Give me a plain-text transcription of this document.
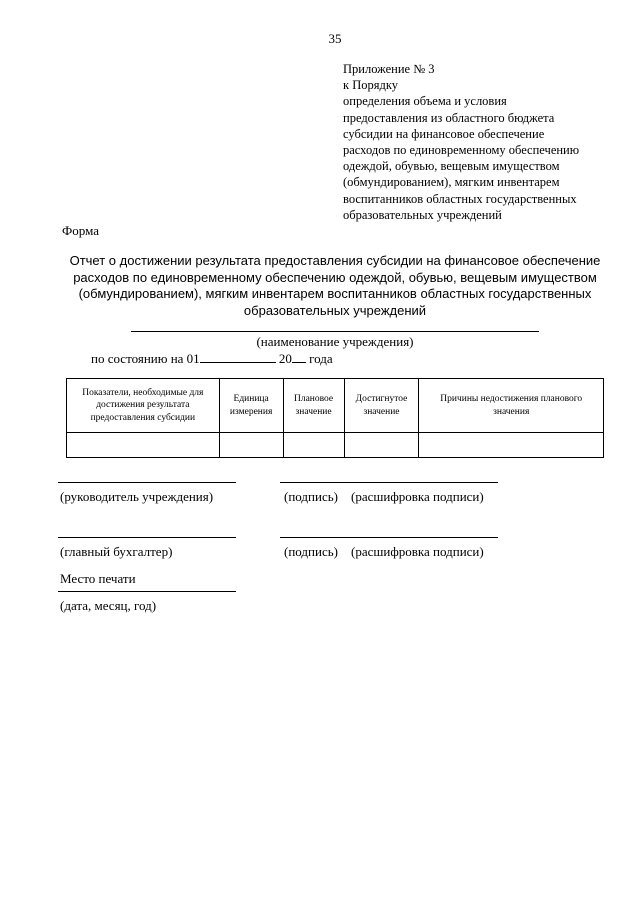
35
Приложение № 3
к Порядку
определения объема и условия
предоставления из областного бюджета
субсидии на финансовое обеспечение
расходов по единовременному обеспечению
одеждой, обувью, вещевым имуществом
(обмундированием), мягким инвентарем
воспитанников областных государственных
образовательных учреждений
Форма
Отчет о достижении результата предоставления субсидии на финансовое обеспечение
расходов по единовременному обеспечению одеждой, обувью, вещевым имуществом
(обмундированием), мягким инвентарем воспитанников областных государственных
образовательных учреждений
(наименование учреждения)
по состоянию на 01	20 года
Показатели, необходимые для достижения результата предоставления субсидии	Единица измерения	Плановое значение	Достигнутое значение	Причины недостижения планового значения

(руководитель учреждения)	(подпись) (расшифровка подписи)
(главный бухгалтер)	(подпись) (расшифровка подписи)
Место печати
(дата, месяц, год)
